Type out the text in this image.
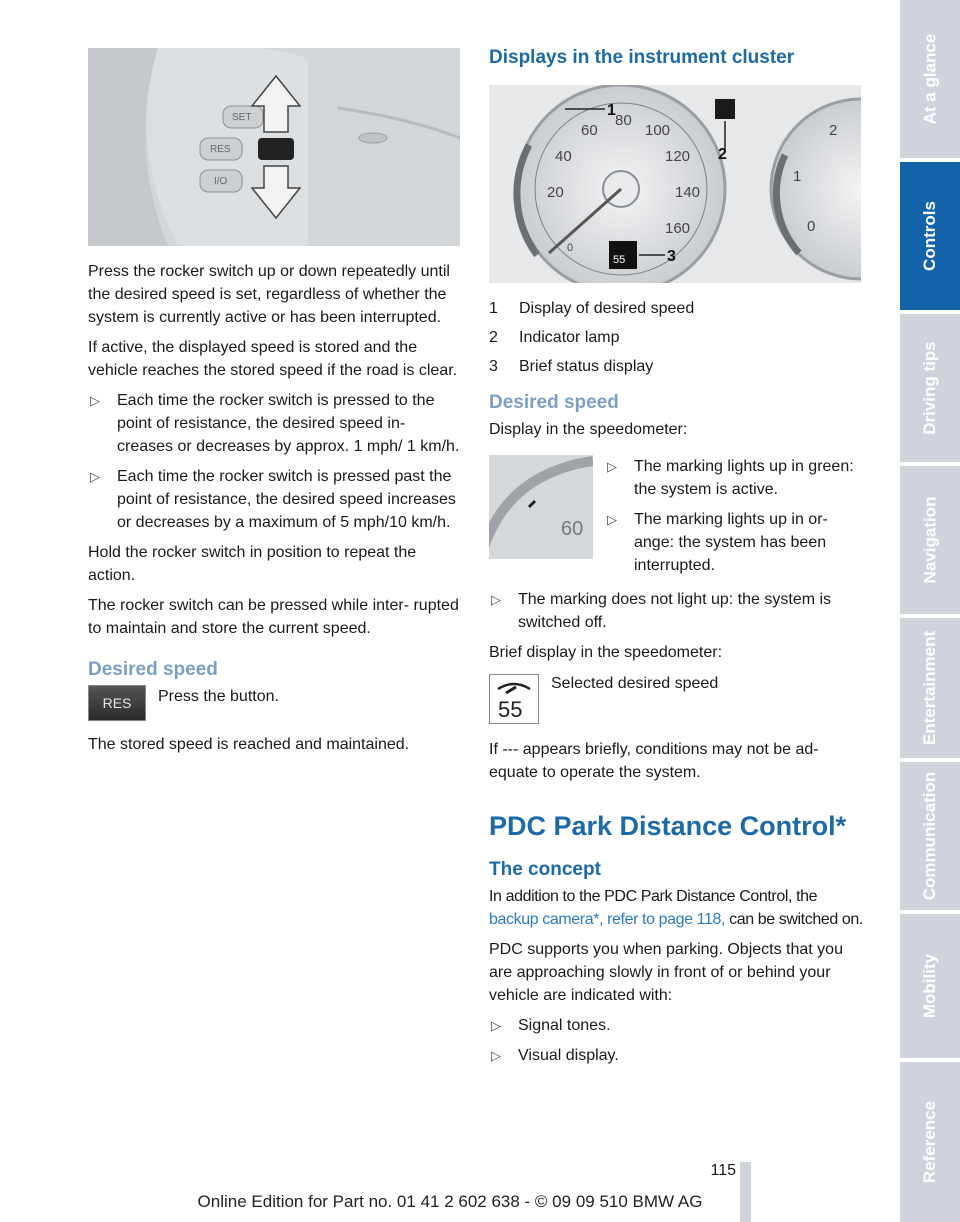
SET
RES
I/O

Press the rocker switch up or down repeatedly until the desired speed is set, regardless of whether the system is currently active or has been interrupted.

If active, the displayed speed is stored and the vehicle reaches the stored speed if the road is clear.

▷ Each time the rocker switch is pressed to the point of resistance, the desired speed in- creases or decreases by approx. 1 mph/ 1 km/h.
▷ Each time the rocker switch is pressed past the point of resistance, the desired speed increases or decreases by a maximum of 5 mph/10 km/h.

Hold the rocker switch in position to repeat the action.

The rocker switch can be pressed while inter- rupted to maintain and store the current speed.

Desired speed
RES	Press the button.

The stored speed is reached and maintained.

Displays in the instrument cluster
0
20
40
60
80
100
120
140
160	0
1
2
1
2
3
55
1	Display of desired speed
2	Indicator lamp
3	Brief status display
Desired speed

Display in the speedometer:

60
▷ The marking lights up in green: the system is active.
▷ The marking lights up in or- ange: the system has been interrupted.
▷ The marking does not light up: the system is switched off.

Brief display in the speedometer:

55
Selected desired speed

If --- appears briefly, conditions may not be ad- equate to operate the system.

PDC Park Distance Control*
The concept

In addition to the PDC Park Distance Control, the backup camera*, refer to page 118, can be switched on.

PDC supports you when parking. Objects that you are approaching slowly in front of or behind your vehicle are indicated with:

▷ Signal tones.
▷ Visual display.
At a glance
Controls
Driving tips
Navigation
Entertainment
Communication
Mobility
Reference
115
Online Edition for Part no. 01 41 2 602 638 - © 09 09 510 BMW AG
